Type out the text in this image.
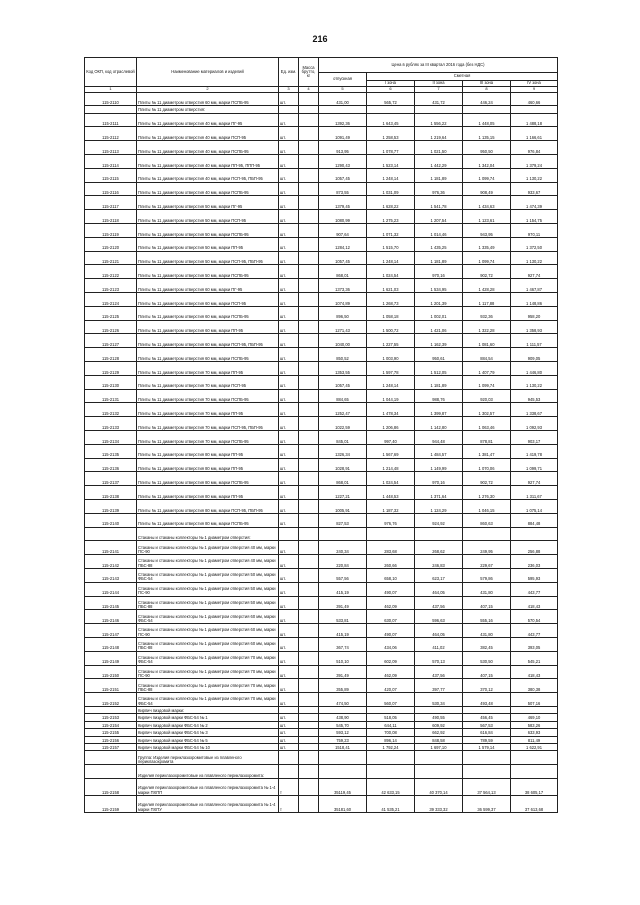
216
Код ОКП, код отраслевой	Наименование материалов и изделий	Ед. изм.	Масса брутто, кг	Цена в рублях за III квартал 2016 года (без НДС)				
				отпускная	Сметная			
					I зона	II зона	III зона	IV зона
1	2	3	4	5	6	7	8	9
115-2110	Плиты № 11 диаметром отверстия 60 мм, марки ПСПБ-95	шт.		431,00	565,72	431,72	446,24	460,66
	Плиты № 11 диаметром отверстия:							
115-2111	Плиты № 11 диаметром отверстия 40 мм, марки ПГ-95	шт.		1392,36	1 643,45	1 556,22	1 448,05	1 488,18
115-2112	Плиты № 11 диаметром отверстия 40 мм, марки ПСП-95	шт.		1091,49	1 258,53	1 219,64	1 135,15	1 166,61
115-2113	Плиты № 11 диаметром отверстия 40 мм, марки ПСПБ-95	шт.		913,95	1 078,77	1 021,50	950,50	976,84
115-2114	Плиты № 11 диаметром отверстия 40 мм, марки ПП-95, ППП-95	шт.		1290,43	1 523,14	1 442,29	1 342,04	1 379,24
115-2115	Плиты № 11 диаметром отверстия 40 мм, марки ПСП-95, ПБП-95	шт.		1057,45	1 248,14	1 181,89	1 099,74	1 130,22
115-2116	Плиты № 11 диаметром отверстия 40 мм, марки ПСПБ-95	шт.		873,55	1 031,09	976,36	908,49	933,67
115-2117	Плиты № 11 диаметром отверстия 50 мм, марки ПГ-95	шт.		1379,45	1 628,22	1 541,78	1 434,63	1 474,39
115-2118	Плиты № 11 диаметром отверстия 50 мм, марки ПСП-95	шт.		1080,99	1 275,23	1 207,54	1 123,61	1 154,75
115-2119	Плиты № 11 диаметром отверстия 50 мм, марки ПСПБ-95	шт.		907,64	1 071,32	1 014,46	943,95	970,11
115-2120	Плиты № 11 диаметром отверстия 50 мм, марки ПП-95	шт.		1284,12	1 515,70	1 435,25	1 335,49	1 372,50
115-2121	Плиты № 11 диаметром отверстия 50 мм, марки ПСП-95, ПБП-95	шт.		1057,45	1 248,14	1 181,89	1 099,74	1 130,22
115-2122	Плиты № 11 диаметром отверстия 50 мм, марки ПСПБ-95	шт.		868,01	1 024,54	970,16	902,72	927,74
115-2123	Плиты № 11 диаметром отверстия 60 мм, марки ПГ-95	шт.		1373,36	1 621,03	1 534,95	1 428,28	1 467,87
115-2124	Плиты № 11 диаметром отверстия 60 мм, марки ПСП-95	шт.		1074,89	1 268,73	1 201,39	1 117,88	1 148,86
115-2125	Плиты № 11 диаметром отверстия 60 мм, марки ПСПБ-95	шт.		896,50	1 058,18	1 002,01	932,36	958,20
115-2126	Плиты № 11 диаметром отверстия 60 мм, марки ПП-95	шт.		1271,43	1 500,72	1 421,06	1 322,28	1 358,93
115-2127	Плиты № 11 диаметром отверстия 60 мм, марки ПСП-95, ПБП-95	шт.		1040,00	1 227,55	1 162,39	1 081,60	1 111,57
115-2128	Плиты № 11 диаметром отверстия 60 мм, марки ПСПБ-95	шт.		850,52	1 003,90	950,61	884,54	909,05
115-2129	Плиты № 11 диаметром отверстия 70 мм, марки ПП-95	шт.		1353,55	1 597,78	1 512,05	1 407,79	1 446,80
115-2130	Плиты № 11 диаметром отверстия 70 мм, марки ПСП-95	шт.		1057,45	1 248,14	1 181,89	1 099,74	1 130,22
115-2131	Плиты № 11 диаметром отверстия 70 мм, марки ПСПБ-95	шт.		884,65	1 044,19	988,76	920,03	945,53
115-2132	Плиты № 11 диаметром отверстия 70 мм, марки ПП-95	шт.		1252,47	1 478,34	1 399,87	1 302,57	1 338,67
115-2133	Плиты № 11 диаметром отверстия 70 мм, марки ПСП-95, ПБП-95	шт.		1022,59	1 206,86	1 142,80	1 063,46	1 092,93
115-2134	Плиты № 11 диаметром отверстия 70 мм, марки ПСПБ-95	шт.		845,01	997,40	944,48	878,81	903,17
115-2135	Плиты № 11 диаметром отверстия 80 мм, марки ПП-95	шт.		1326,34	1 567,69	1 484,57	1 381,47	1 419,78
115-2136	Плиты № 11 диаметром отверстия 80 мм, марки ПП-95	шт.		1028,91	1 214,48	1 149,99	1 070,06	1 099,71
115-2137	Плиты № 11 диаметром отверстия 80 мм, марки ПСПБ-95	шт.		868,01	1 024,54	970,16	902,72	927,74
115-2138	Плиты № 11 диаметром отверстия 80 мм, марки ПП-95	шт.		1227,21	1 448,53	1 371,64	1 276,30	1 311,67
115-2139	Плиты № 11 диаметром отверстия 80 мм, марки ПСП-95, ПБП-95	шт.		1005,91	1 187,32	1 124,29	1 046,15	1 075,14
115-2140	Плиты № 11 диаметром отверстия 80 мм, марки ПСПБ-95	шт.		827,53	976,76	924,92	860,63	884,48
	Стаканы и стаканы коллекторы № 1 диаметром отверстия:							
115-2141	Стаканы и стаканы коллекторы № 1 диаметром отверстия 40 мм, марки ПС-90	шт.		240,34	283,68	268,62	249,95	256,88
115-2142	Стаканы и стаканы коллекторы № 1 диаметром отверстия 40 мм, марки ПБС-88	шт.		220,84	260,66	246,83	229,67	236,03
115-2143	Стаканы и стаканы коллекторы № 1 диаметром отверстия 50 мм, марки ФБС-54	шт.		557,56	658,10	623,17	579,86	595,93
115-2144	Стаканы и стаканы коллекторы № 1 диаметром отверстия 50 мм, марки ПС-90	шт.		415,19	490,07	464,05	431,80	443,77
115-2145	Стаканы и стаканы коллекторы № 1 диаметром отверстия 50 мм, марки ПБС-88	шт.		391,49	462,09	437,56	407,15	418,43
115-2146	Стаканы и стаканы коллекторы № 1 диаметром отверстия 60 мм, марки ФБС-54	шт.		533,81	630,07	596,63	555,16	570,54
115-2147	Стаканы и стаканы коллекторы № 1 диаметром отверстия 60 мм, марки ПС-90	шт.		415,19	490,07	464,05	431,80	443,77
115-2148	Стаканы и стаканы коллекторы № 1 диаметром отверстия 60 мм, марки ПБС-88	шт.		367,74	434,06	411,02	382,45	393,05
115-2149	Стаканы и стаканы коллекторы № 1 диаметром отверстия 70 мм, марки ФБС-54	шт.		510,10	602,09	570,13	530,50	545,21
115-2150	Стаканы и стаканы коллекторы № 1 диаметром отверстия 70 мм, марки ПС-90	шт.		391,49	462,09	437,56	407,15	418,43
115-2151	Стаканы и стаканы коллекторы № 1 диаметром отверстия 70 мм, марки ПБС-88	шт.		355,89	420,07	397,77	370,12	380,38
115-2152	Стаканы и стаканы коллекторы № 1 диаметром отверстия 70 мм, марки ФБС-54	шт.		474,50	560,07	530,34	493,48	507,16
	Кирпич пиздовой марки:							
115-2153	Кирпич пиздовой марки ФБС-54 № 1	шт.		438,90	518,05	490,55	456,45	469,10
115-2154	Кирпич пиздовой марки ФБС-54 № 2	шт.		545,70	644,11	609,92	567,53	583,26
115-2155	Кирпич пиздовой марки ФБС-54 № 3	шт.		593,12	700,08	662,92	616,84	633,93
115-2156	Кирпич пиздовой марки ФБС-54 № 5	шт.		759,23	896,14	848,58	789,59	811,49
115-2157	Кирпич пиздовой марки ФБС-54 № 10	шт.		1518,41	1 792,24	1 697,10	1 579,14	1 622,91
	Группа: Изделия периклазохромитовые из плавленого периклазохромита							
	Изделия периклазохромитовые из плавленого периклазохромита:							
115-2158	Изделия периклазохромитовые из плавленого периклазохромита № 1-4 марки ПХПП	т		35119,45	42 633,15	40 370,14	37 564,13	38 605,17
115-2159	Изделия периклазохромитовые из плавленого периклазохромита № 1-4 марки ПХПУ	т		35181,60	41 535,21	39 333,32	36 599,37	37 613,68
